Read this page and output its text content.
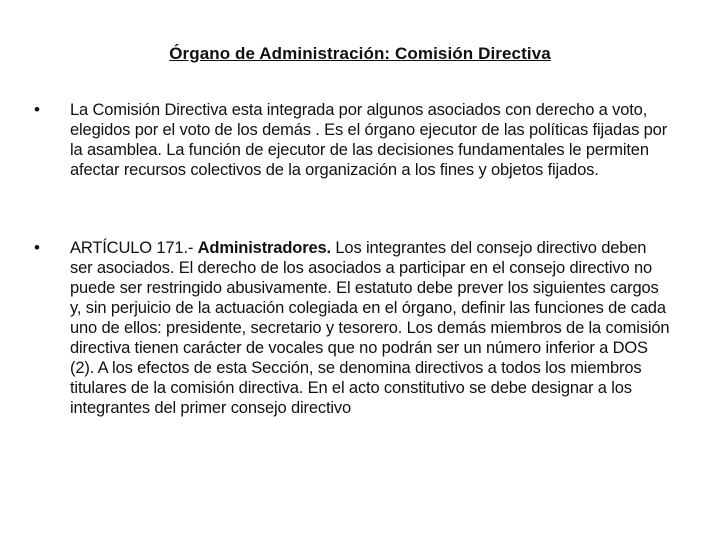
Órgano de Administración: Comisión Directiva
• La Comisión Directiva esta integrada por algunos asociados con derecho a voto, elegidos por el voto de los demás . Es el órgano ejecutor de las políticas fijadas por la asamblea. La función de ejecutor de las decisiones fundamentales le permiten afectar recursos colectivos de la organización a los fines y objetos fijados.
• ARTÍCULO 171.- Administradores. Los integrantes del consejo directivo deben ser asociados. El derecho de los asociados a participar en el consejo directivo no puede ser restringido abusivamente. El estatuto debe prever los siguientes cargos y, sin perjuicio de la actuación colegiada en el órgano, definir las funciones de cada uno de ellos: presidente, secretario y tesorero. Los demás miembros de la comisión directiva tienen carácter de vocales que no podrán ser un número inferior a DOS (2). A los efectos de esta Sección, se denomina directivos a todos los miembros titulares de la comisión directiva. En el acto constitutivo se debe designar a los integrantes del primer consejo directivo
